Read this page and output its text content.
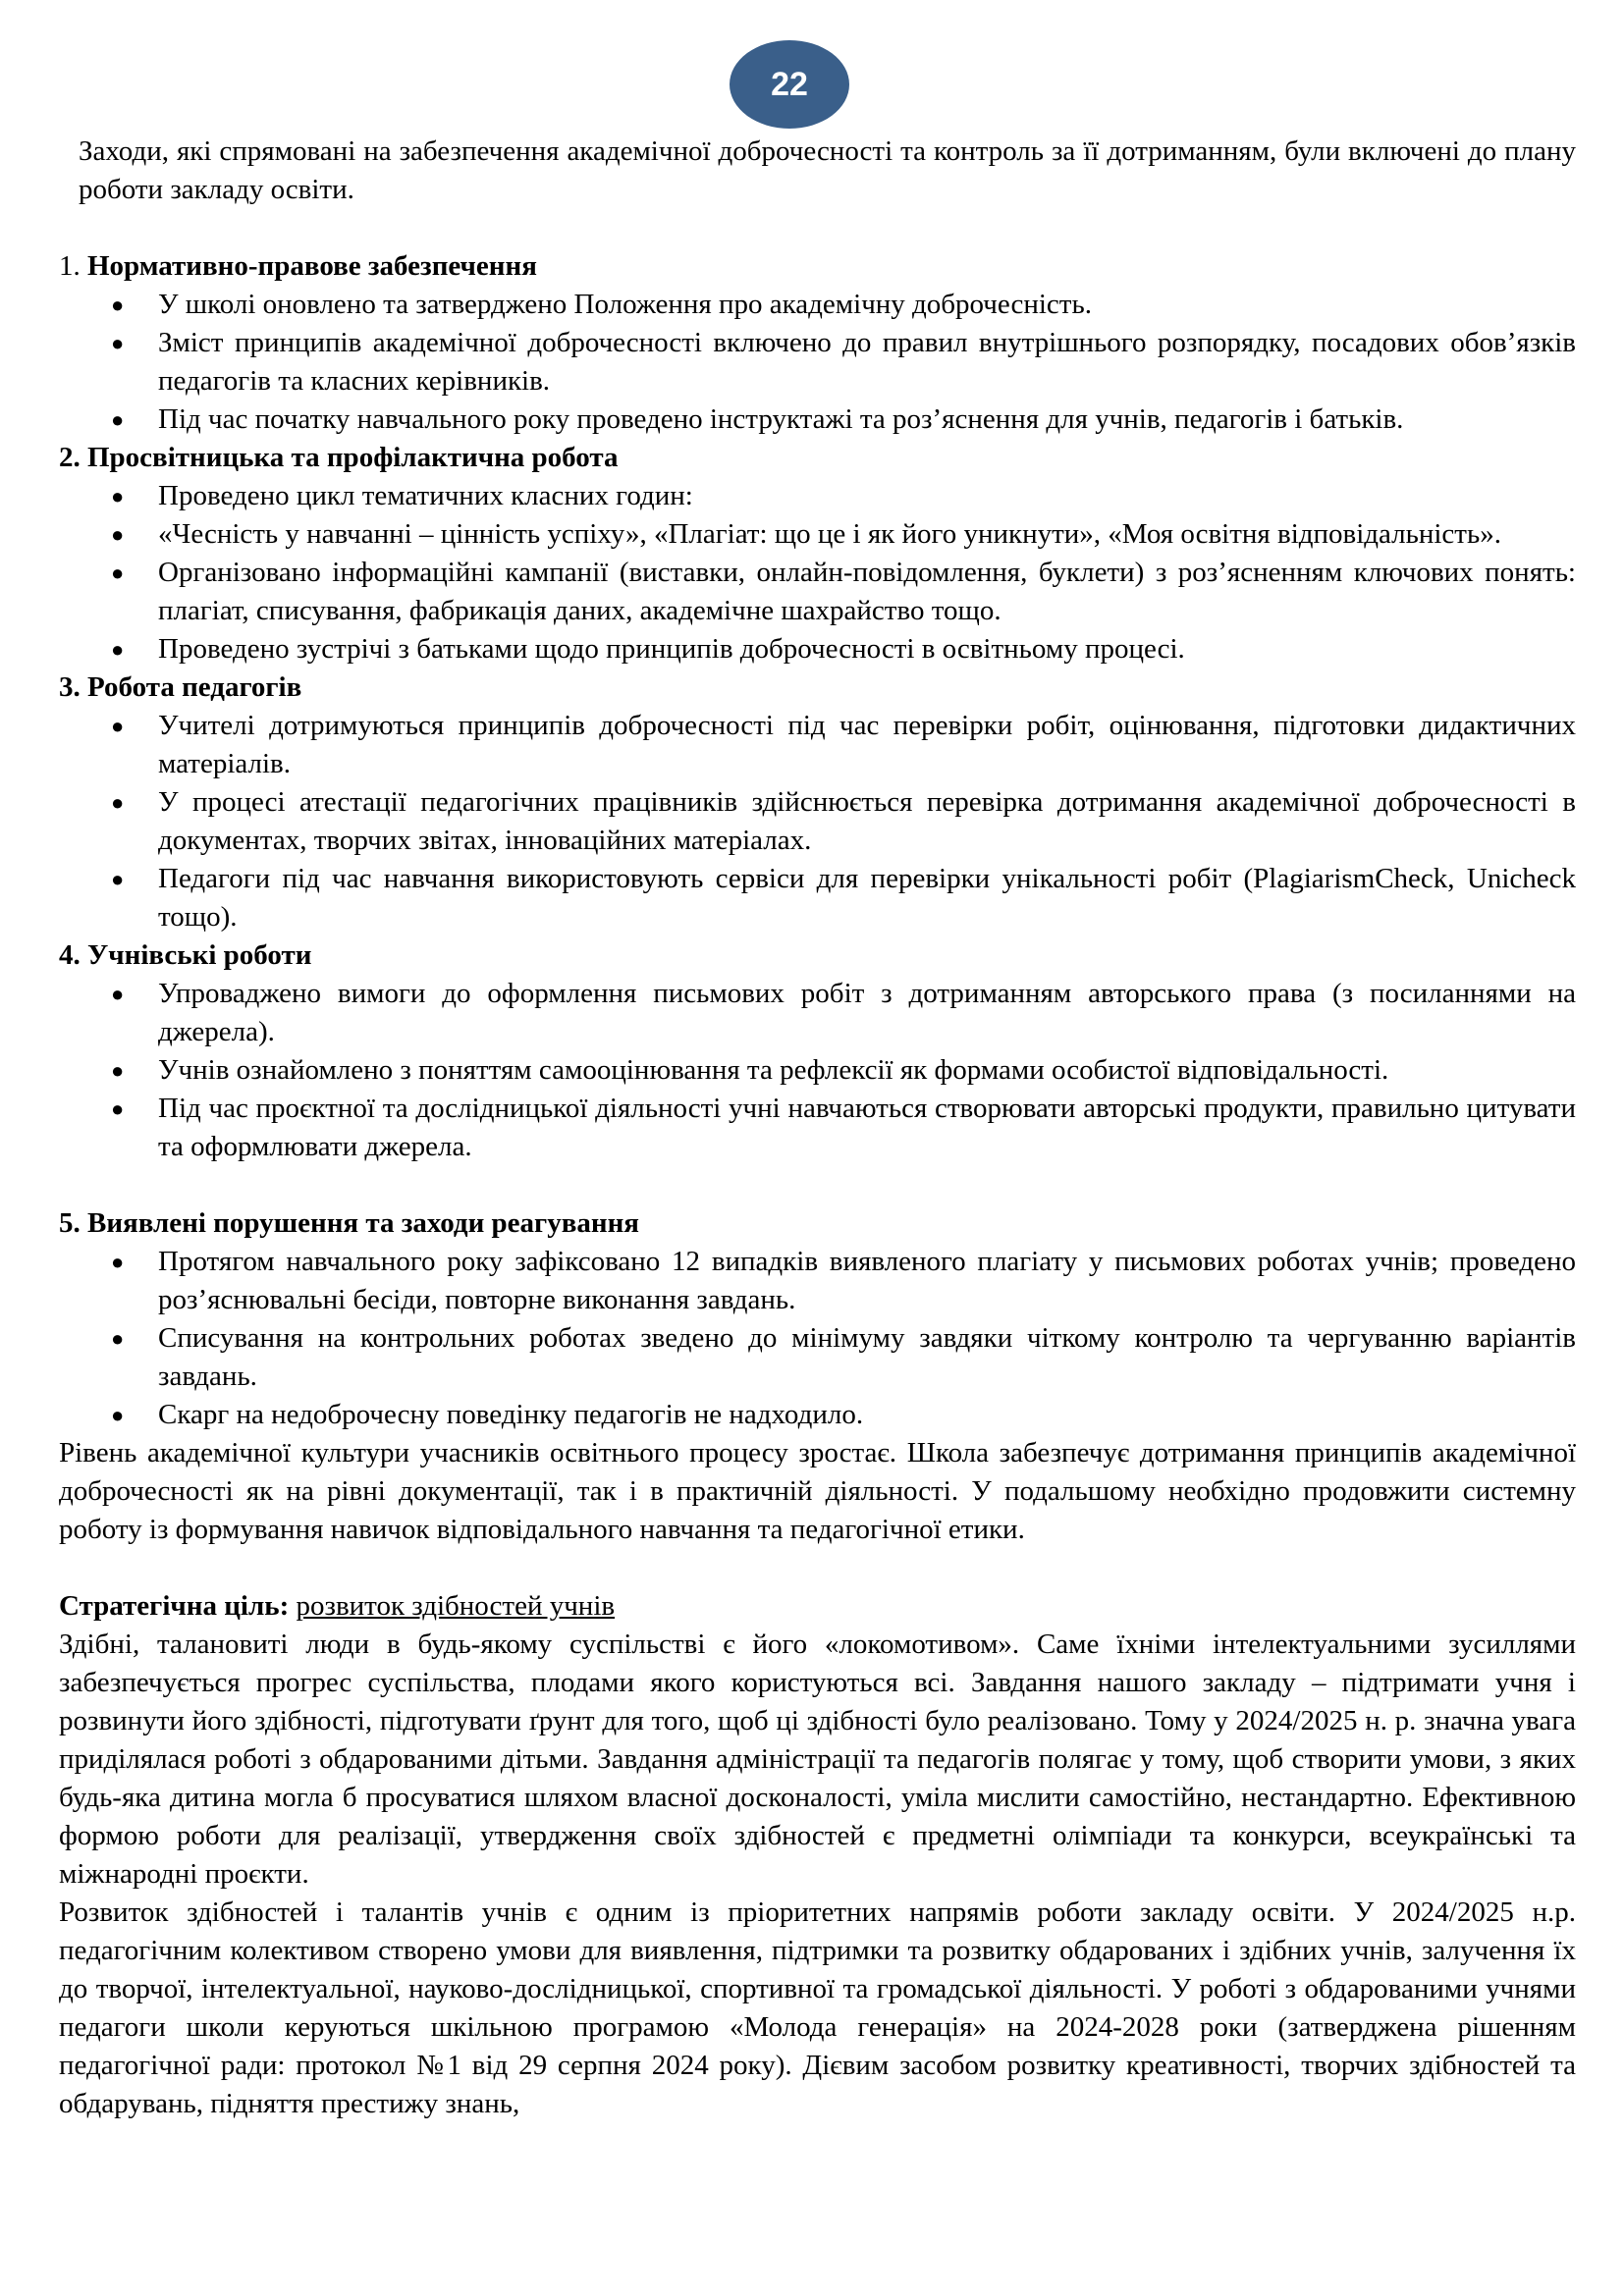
22

Заходи, які спрямовані на забезпечення академічної доброчесності та контроль за її дотриманням, були включені до плану роботи закладу освіти.

1. Нормативно-правове забезпечення

● У школі оновлено та затверджено Положення про академічну доброчесність.
● Зміст принципів академічної доброчесності включено до правил внутрішнього розпорядку, посадових обов’язків педагогів та класних керівників.
● Під час початку навчального року проведено інструктажі та роз’яснення для учнів, педагогів і батьків.

2. Просвітницька та профілактична робота

● Проведено цикл тематичних класних годин:
● «Чесність у навчанні – цінність успіху», «Плагіат: що це і як його уникнути», «Моя освітня відповідальність».
● Організовано інформаційні кампанії (виставки, онлайн-повідомлення, буклети) з роз’ясненням ключових понять: плагіат, списування, фабрикація даних, академічне шахрайство тощо.
● Проведено зустрічі з батьками щодо принципів доброчесності в освітньому процесі.

3. Робота педагогів

● Учителі дотримуються принципів доброчесності під час перевірки робіт, оцінювання, підготовки дидактичних матеріалів.
● У процесі атестації педагогічних працівників здійснюється перевірка дотримання академічної доброчесності в документах, творчих звітах, інноваційних матеріалах.
● Педагоги під час навчання використовують сервіси для перевірки унікальності робіт (PlagiarismCheck, Unicheck тощо).

4. Учнівські роботи

● Упроваджено вимоги до оформлення письмових робіт з дотриманням авторського права (з посиланнями на джерела).
● Учнів ознайомлено з поняттям самооцінювання та рефлексії як формами особистої відповідальності.
● Під час проєктної та дослідницької діяльності учні навчаються створювати авторські продукти, правильно цитувати та оформлювати джерела.

5. Виявлені порушення та заходи реагування

● Протягом навчального року зафіксовано 12 випадків виявленого плагіату у письмових роботах учнів; проведено роз’яснювальні бесіди, повторне виконання завдань.
● Списування на контрольних роботах зведено до мінімуму завдяки чіткому контролю та чергуванню варіантів завдань.
● Скарг на недоброчесну поведінку педагогів не надходило.

Рівень академічної культури учасників освітнього процесу зростає. Школа забезпечує дотримання принципів академічної доброчесності як на рівні документації, так і в практичній діяльності. У подальшому необхідно продовжити системну роботу із формування навичок відповідального навчання та педагогічної етики.

Стратегічна ціль: розвиток здібностей учнів

Здібні, талановиті люди в будь-якому суспільстві є його «локомотивом». Саме їхніми інтелектуальними зусиллями забезпечується прогрес суспільства, плодами якого користуються всі. Завдання нашого закладу – підтримати учня і розвинути його здібності, підготувати ґрунт для того, щоб ці здібності було реалізовано. Тому у 2024/2025 н. р. значна увага приділялася роботі з обдарованими дітьми. Завдання адміністрації та педагогів полягає у тому, щоб створити умови, з яких будь-яка дитина могла б просуватися шляхом власної досконалості, уміла мислити самостійно, нестандартно. Ефективною формою роботи для реалізації, утвердження своїх здібностей є предметні олімпіади та конкурси, всеукраїнські та міжнародні проєкти.

Розвиток здібностей і талантів учнів є одним із пріоритетних напрямів роботи закладу освіти. У 2024/2025 н.р. педагогічним колективом створено умови для виявлення, підтримки та розвитку обдарованих і здібних учнів, залучення їх до творчої, інтелектуальної, науково-дослідницької, спортивної та громадської діяльності. У роботі з обдарованими учнями педагоги школи керуються шкільною програмою «Молода генерація» на 2024-2028 роки (затверджена рішенням педагогічної ради: протокол №1 від 29 серпня 2024 року). Дієвим засобом розвитку креативності, творчих здібностей та обдарувань, підняття престижу знань,
